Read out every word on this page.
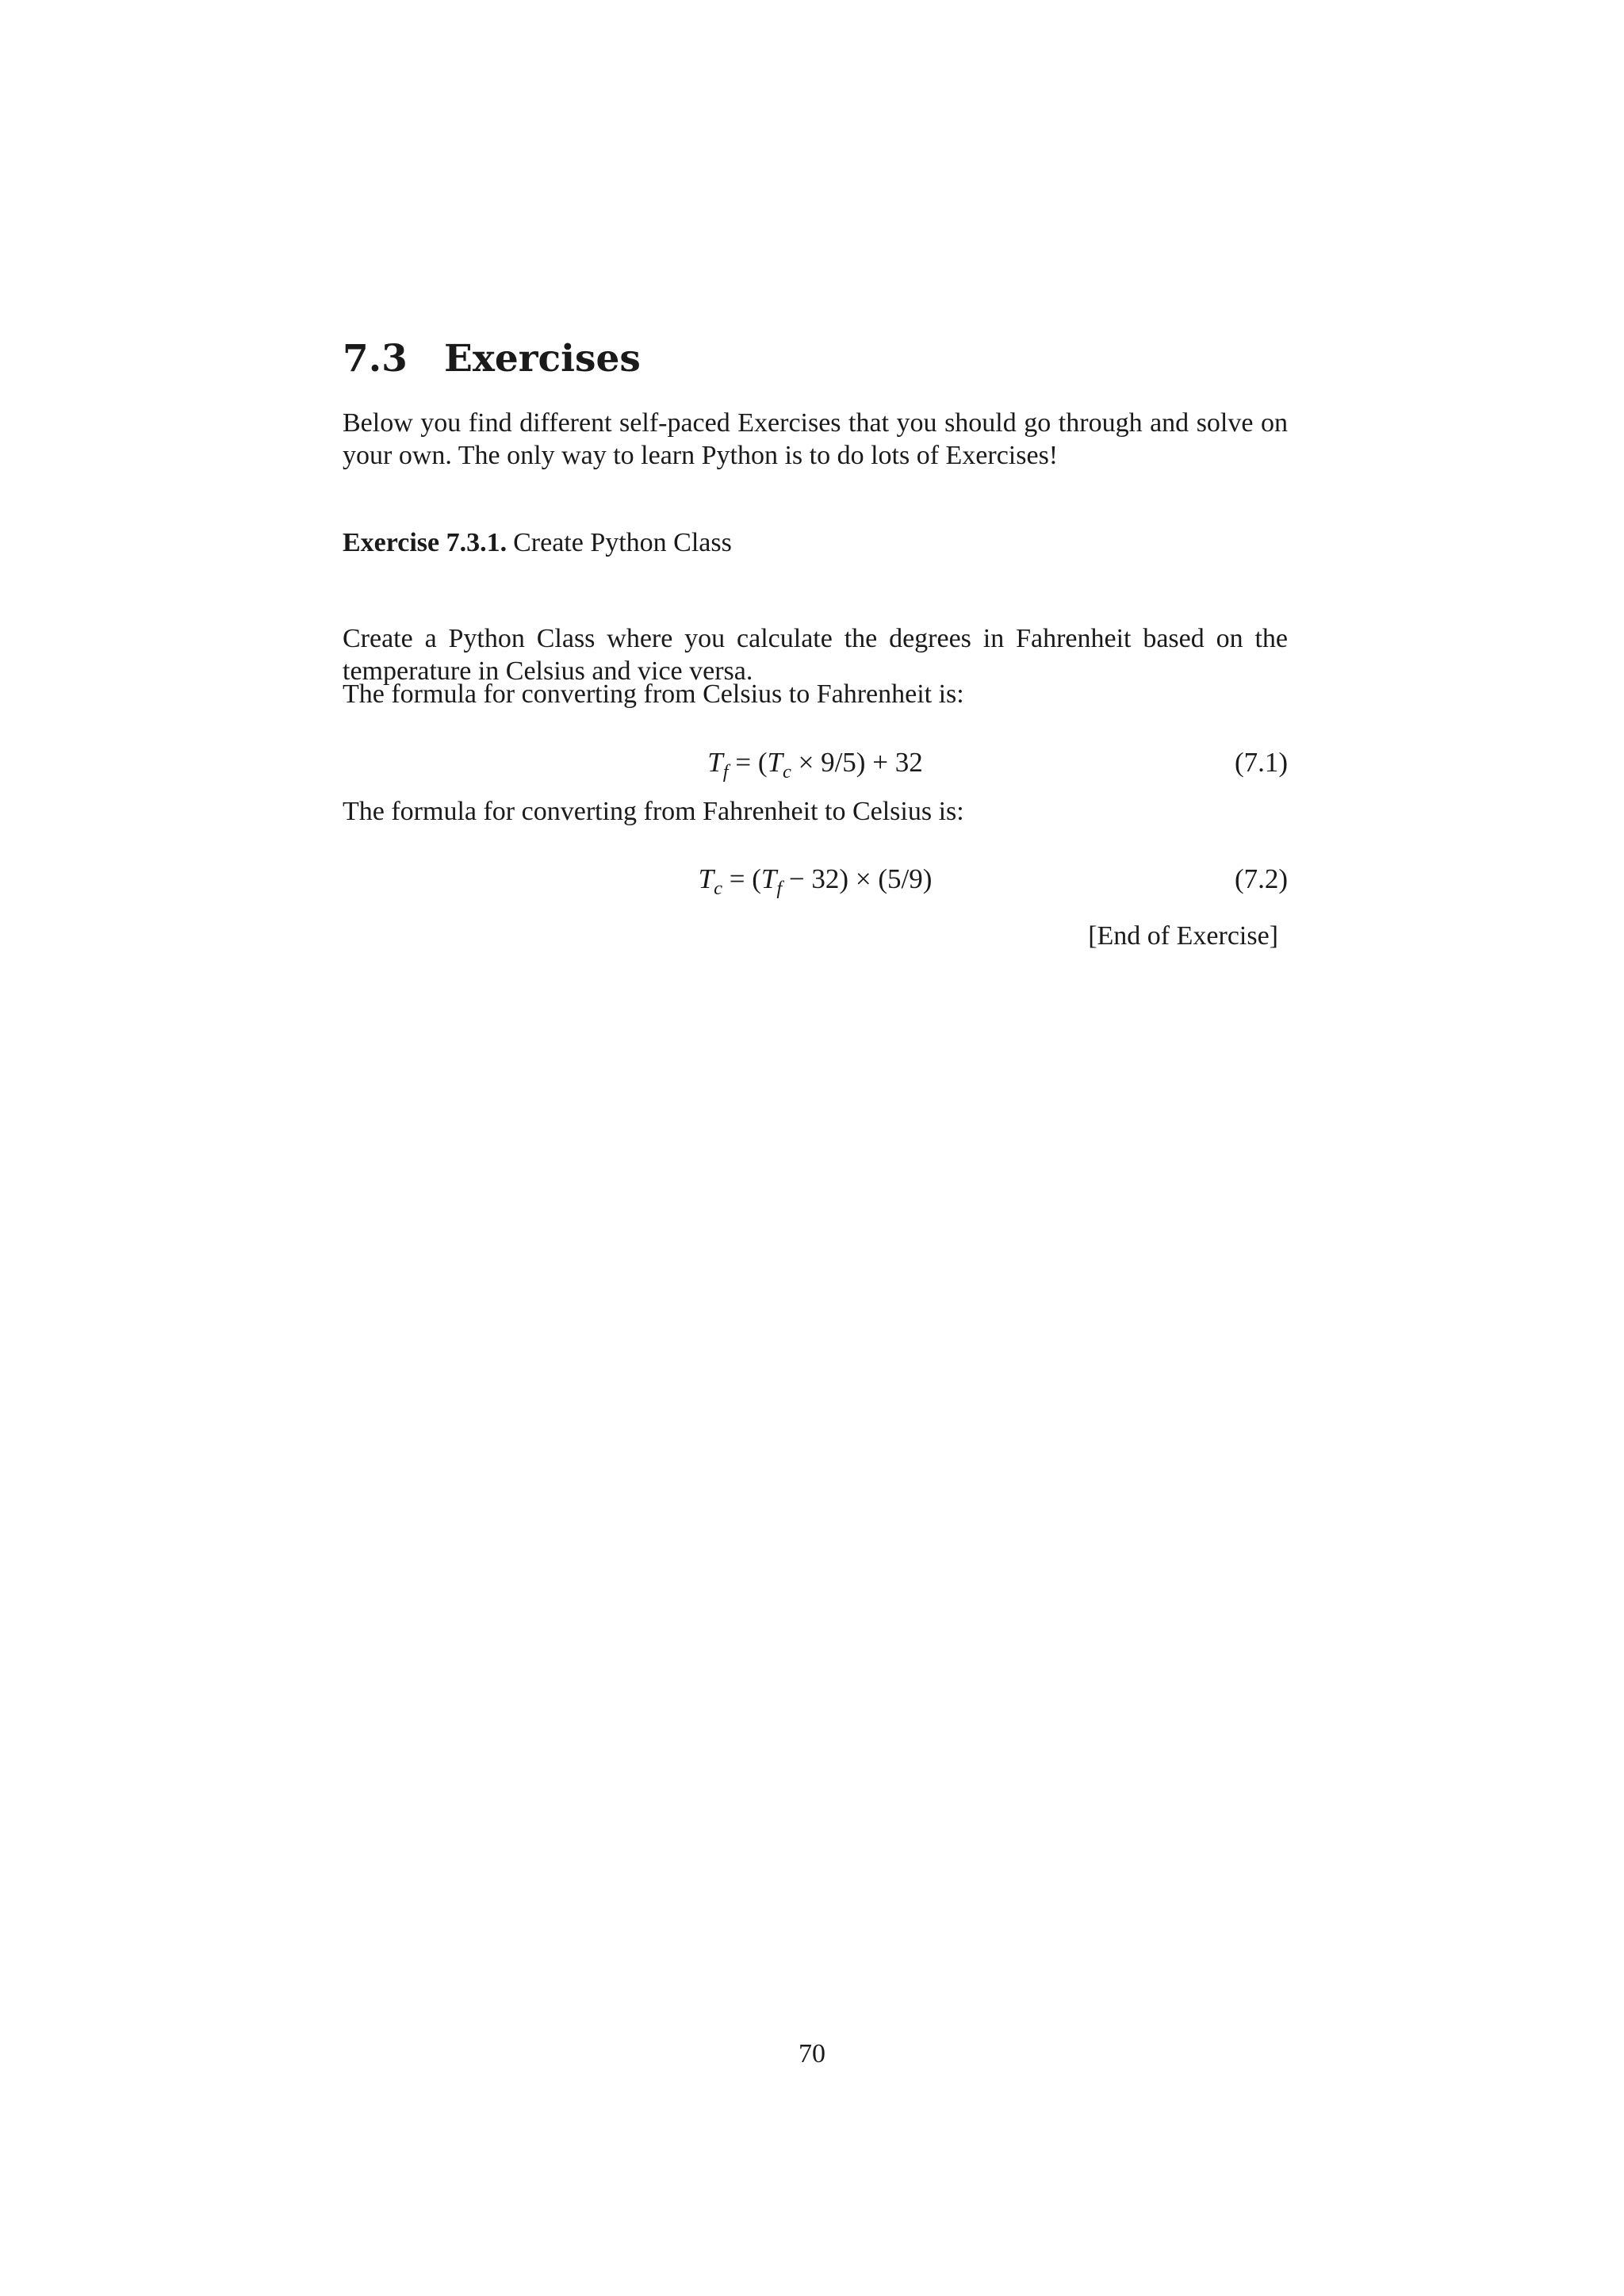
7.3 Exercises
Below you find different self-paced Exercises that you should go through and solve on your own. The only way to learn Python is to do lots of Exercises!
Exercise 7.3.1. Create Python Class
Create a Python Class where you calculate the degrees in Fahrenheit based on the temperature in Celsius and vice versa.
The formula for converting from Celsius to Fahrenheit is:
$T_f = (T_c \times 9/5) + 32$	(7.1)
The formula for converting from Fahrenheit to Celsius is:
$T_c = (T_f - 32) \times (5/9)$	(7.2)
[End of Exercise]
70
